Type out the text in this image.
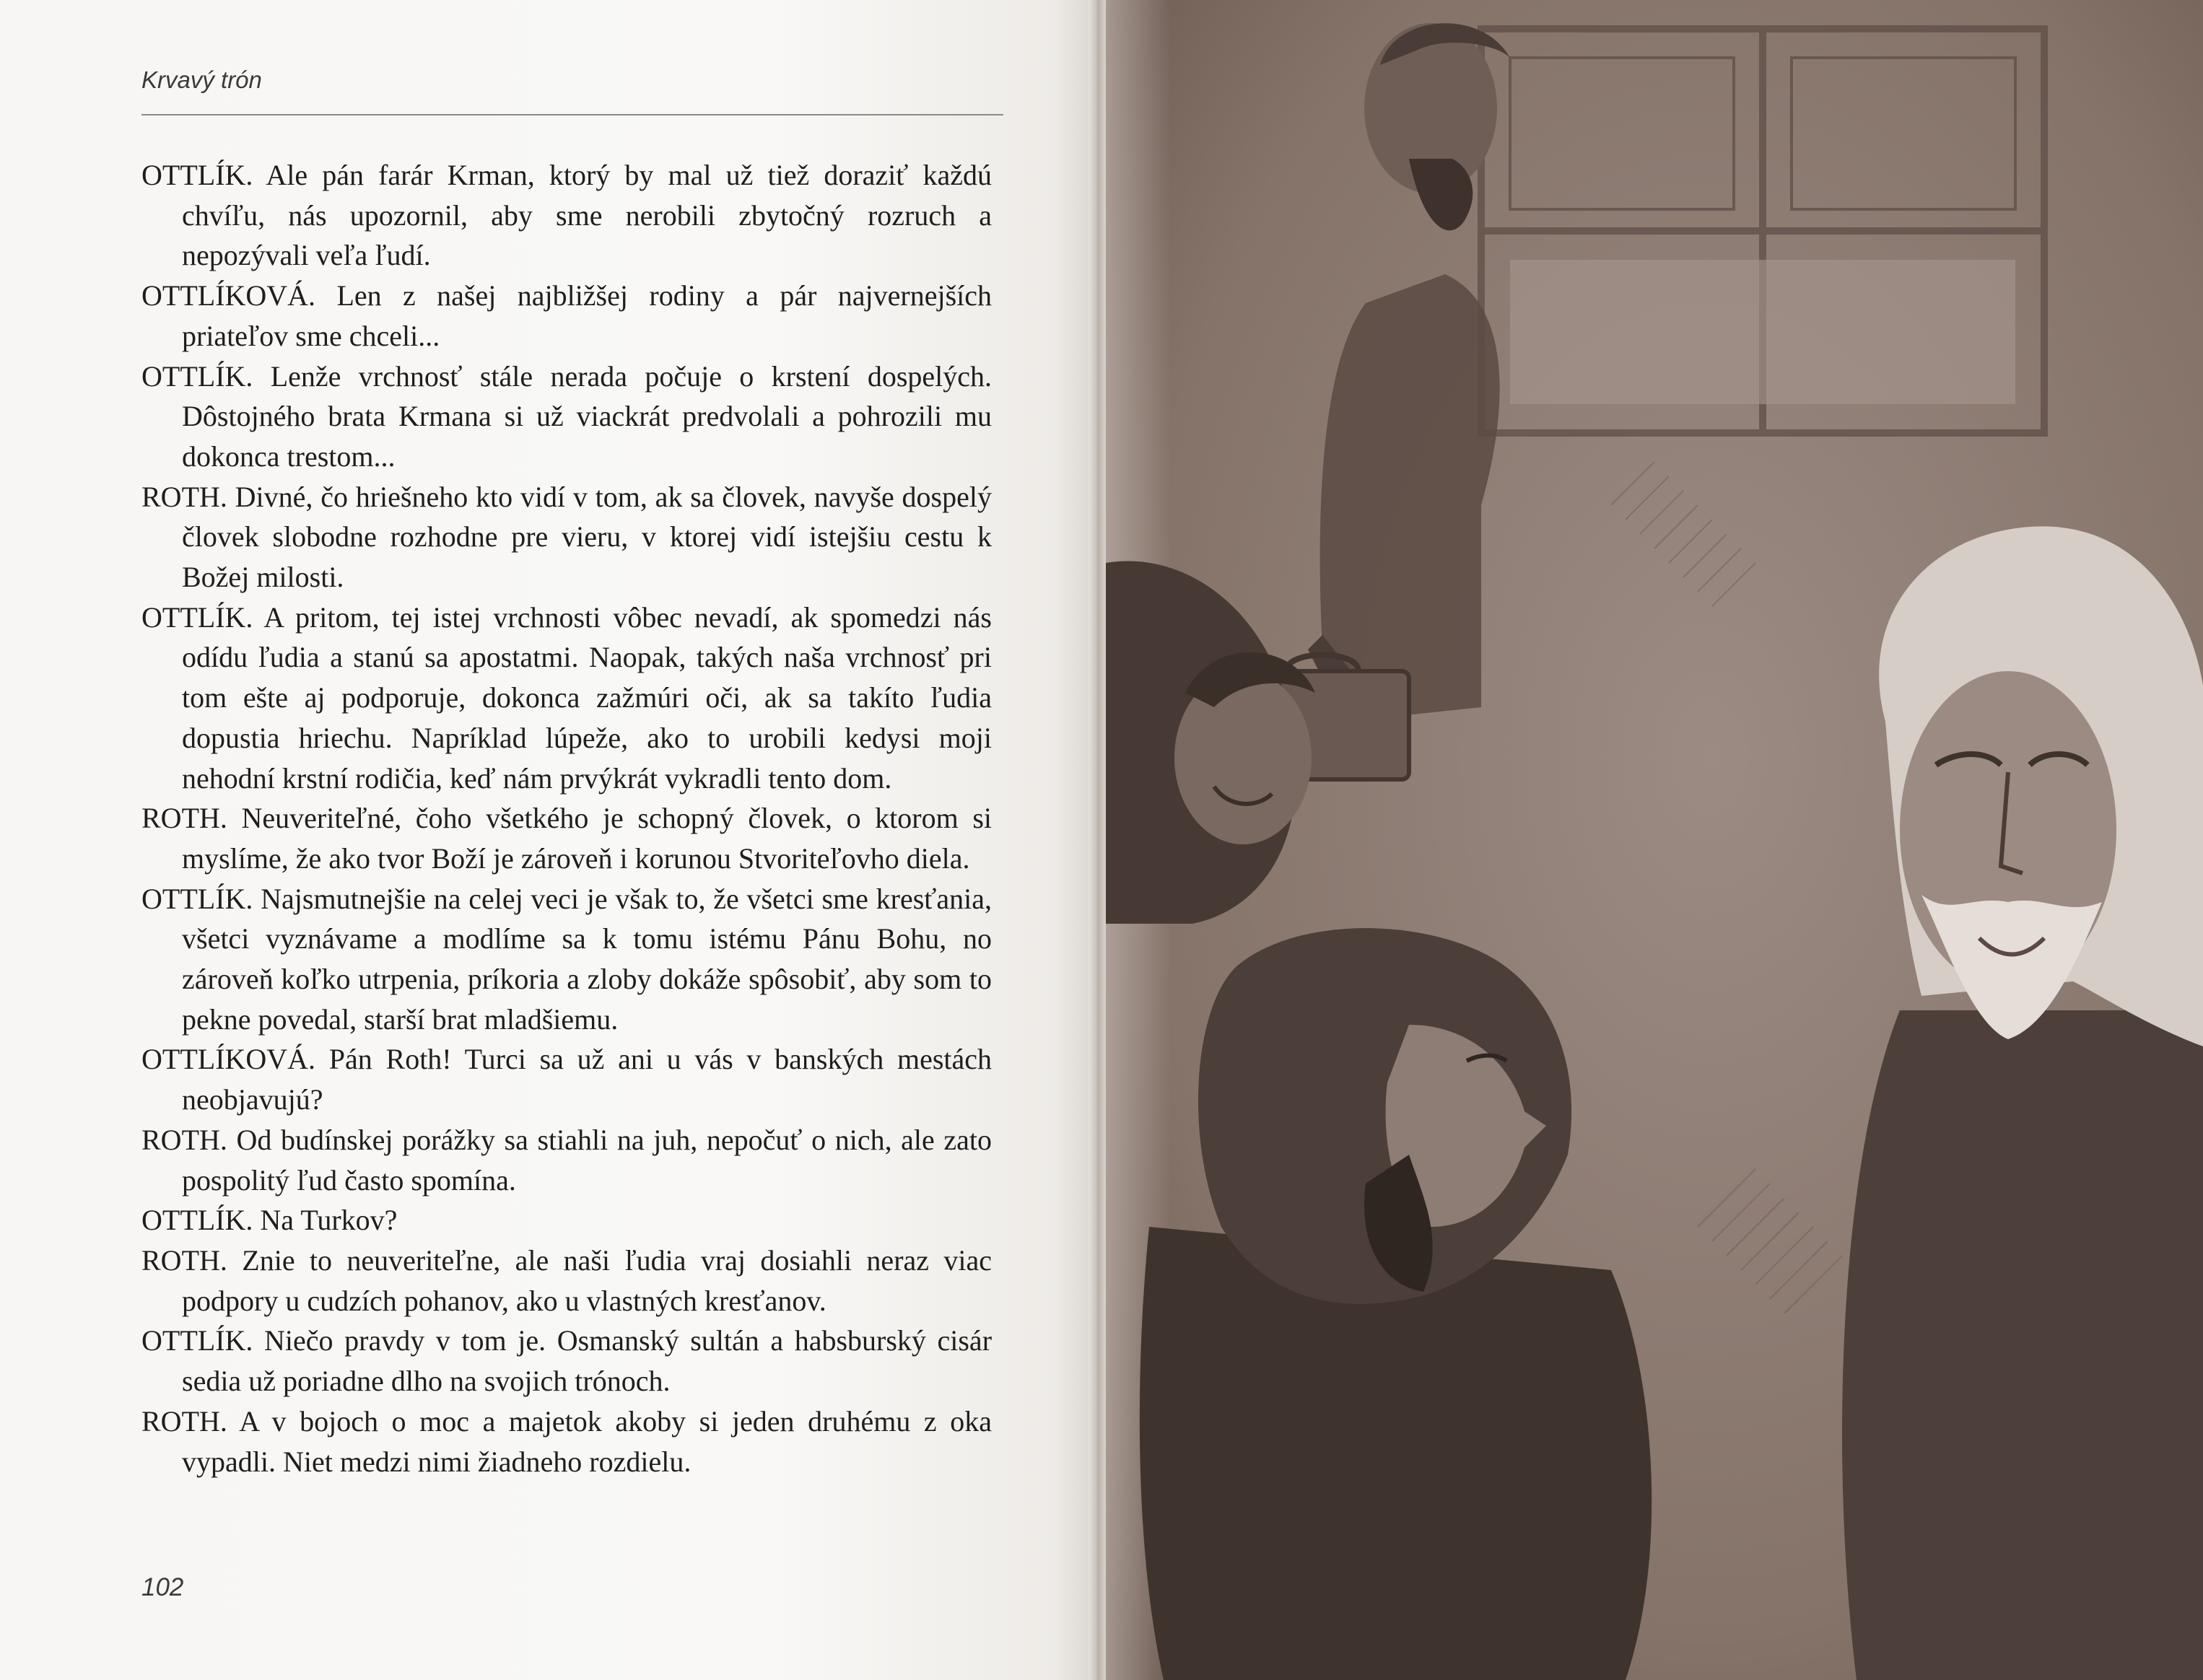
Krvavý trón

OTTLÍK. Ale pán farár Krman, ktorý by mal už tiež doraziť každú chvíľu, nás upozornil, aby sme nerobili zbytočný rozruch a nepozývali veľa ľudí.

OTTLÍKOVÁ. Len z našej najbližšej rodiny a pár najvernejších priateľov sme chceli...

OTTLÍK. Lenže vrchnosť stále nerada počuje o krstení dospelých. Dôstojného brata Krmana si už viackrát predvolali a pohrozili mu dokonca trestom...

ROTH. Divné, čo hriešneho kto vidí v tom, ak sa človek, navyše dospelý človek slobodne rozhodne pre vieru, v ktorej vidí istejšiu cestu k Božej milosti.

OTTLÍK. A pritom, tej istej vrchnosti vôbec nevadí, ak spomedzi nás odídu ľudia a stanú sa apostatmi. Naopak, takých naša vrchnosť pri tom ešte aj podporuje, dokonca zažmúri oči, ak sa takíto ľudia dopustia hriechu. Napríklad lúpeže, ako to urobili kedysi moji nehodní krstní rodičia, keď nám prvýkrát vykradli tento dom.

ROTH. Neuveriteľné, čoho všetkého je schopný človek, o ktorom si myslíme, že ako tvor Boží je zároveň i korunou Stvoriteľovho diela.

OTTLÍK. Najsmutnejšie na celej veci je však to, že všetci sme kresťania, všetci vyznávame a modlíme sa k tomu istému Pánu Bohu, no zároveň koľko utrpenia, príkoria a zloby dokáže spôsobiť, aby som to pekne povedal, starší brat mladšiemu.

OTTLÍKOVÁ. Pán Roth! Turci sa už ani u vás v banských mestách neobjavujú?

ROTH. Od budínskej porážky sa stiahli na juh, nepočuť o nich, ale zato pospolitý ľud často spomína.

OTTLÍK. Na Turkov?

ROTH. Znie to neuveriteľne, ale naši ľudia vraj dosiahli neraz viac podpory u cudzích pohanov, ako u vlastných kresťanov.

OTTLÍK. Niečo pravdy v tom je. Osmanský sultán a habsburský cisár sedia už poriadne dlho na svojich trónoch.

ROTH. A v bojoch o moc a majetok akoby si jeden druhému z oka vypadli. Niet medzi nimi žiadneho rozdielu.

102
